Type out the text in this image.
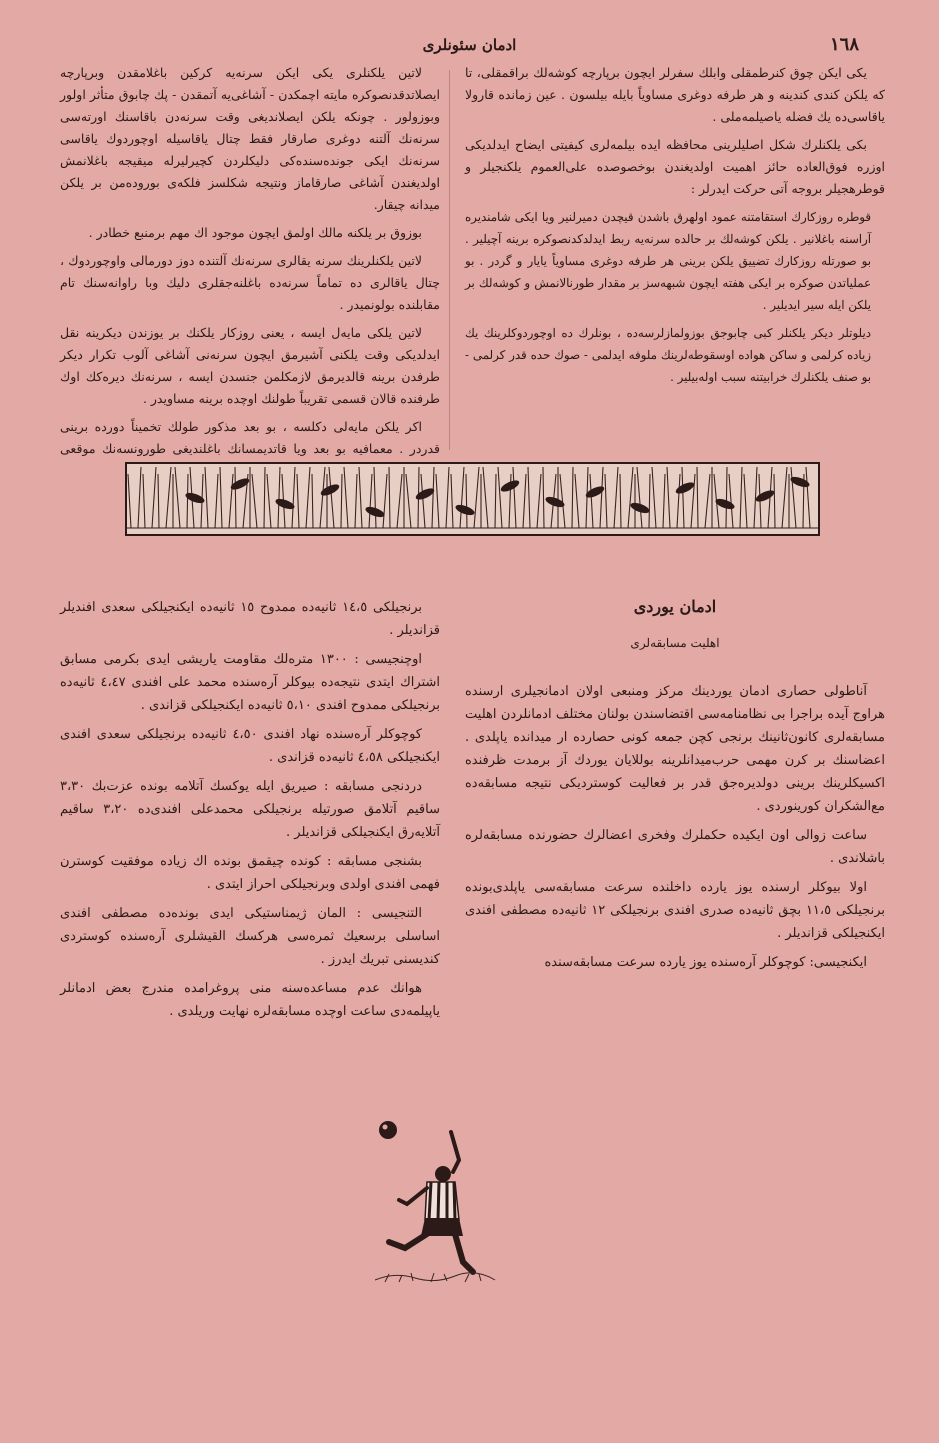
١٦٨
ادمان سئونلری

یکی ایکن چوق کنرطمقلی وابلك سفرلر ایچون برپارچه کوشه‌لك براقمقلی، تا که یلکن کندی کندینه و هر طرفه دوغری مساوياً بايله بیلسون . عین زمانده قارولا یاقاسی‌ده یك فضله یاصیلمه‌ملی .

بکی یلکنلرك شکل اصليلرینی محافظه ایده بیلمه‌لری کیفیتی ایضاح ایدلدیکی اوزره فوق‌العاده حائز اهمیت اولدیغندن بوخصوصده علی‌العموم یلکنجیلر و قوطرهجیلر بروجه آتی حرکت ایدرلر :

قوطره روزکارك استقامتنه عمود اولهرق باشدن قیچدن دمیرلنیر ویا ایکی شامندیره آراسنه باغلانیر . یلکن کوشه‌لك بر حالده سرنه‌یه ربط ایدلدکدنصوکره برینه آچیلیر . بو صورتله روزکارك تضییق یلکن برینی هر طرفه دوغری مساوياً یایار و گردر . بو عملیاتدن صوکره بر ایکی هفته ایچون شبهه‌سز بر مقدار طورنالانمش و کوشه‌لك بر یلکن ایله سیر ایدیلیر .

دیلوتلر دیکر یلکنلر کبی چابوجق بوزولمازلرسه‌ده ، بونلرك ده اوچوردو‌کلرینك یك زیاده کرلمی و ساکن هواده اوسقوطه‌لرینك ملوفه ایدلمی - صوك حده قدر کرلمی - بو صنف یلکنلرك خرابیتنه سبب اوله‌بیلیر .

لاتین یلکنلری یکی ایکن سرنه‌یه کرکین باغلامقدن وبرپارچه ایصلاتدقدنصوکره مایته اچمکدن - آشاغی‌یه آتمقدن - پك چابوق متأثر اولور وبوزولور . چونکه یلکن ایصلاندیغی وقت سرنه‌دن باقاسنك اورته‌سی سرنه‌نك آلتنه دوغری صارقار فقط چتال یاقاسیله اوچوردو‌ك یاقاسی سرنه‌نك ایکی جونده‌سنده‌کی دلیکلردن کچیرلیرله میقیجه باغلانمش اولدیغندن آشاغی صارقاماز ونتیجه شکلسز فلکه‌ی بوروده‌من بر یلکن میدانه چیقار.

بوزوق بر یلکنه مالك اولمق ایچون موجود اك مهم برمنبع خطادر .

لاتین یلکنلرینك سرنه یقالری سرنه‌نك آلتنده دوز دورمالی واوچوردو‌ك ، چتال یاقالری ده تماماً سرنه‌ده باغلنه‌جقلری دلیك وبا راوانه‌سنك تام مقابلنده بولونمیدر .

لاتین یلکی مایه‌ل ایسه ، یعنی روزکار یلکنك بر یوزندن دیکرینه نقل ایدلدیکی وقت یلکنی آشیرمق ایچون سرنه‌نی آشاغی آلوب تکرار دیکر طرفدن برینه قالدیرمق لازمکلمن جنسدن ایسه ، سرنه‌نك دیره‌کك اوك طرفنده قالان قسمی تقریباً طولنك اوچده برینه مساویدر .

اکر یلکن مایه‌لی دکلسه ، بو بعد مذکور طولك تخمیناً دورده برینی قدردر . معمافیه بو بعد ویا قاتدیمسانك باغلندیغی طورونسه‌نك موقعی

ادمان یوردی
اهليت مسابقه‌لری

آناطولی حصاری ادمان یوردینك مرکز ومنبعی اولان ادمانجیلری ارسنده هراوج آیده براجرا بی نظامنامه‌سی اقتضاسندن بولنان مختلف ادمانلردن اهليت مسابقه‌لری کانون‌ثانینك برنجی کچن جمعه کونی حصارده ار میدانده یاپلدی . اعضاسنك بر کرن مهمی حرب‌میدانلرینه بوللایان یوردك آز برمدت ظرفنده اکسیکلرینك برینی دولدیره‌جق قدر بر فعالیت کوستردیکی نتیجه مسابقه‌ده مع‌الشکران کورینوردی .

ساعت زوالی اون ایکیده حکملرك وفخری اعضالرك حضورنده مسابقه‌لره باشلاندی .

اولا بیوکلر ارسنده یوز یارده داخلنده سرعت مسابقه‌سی یاپلدی‌بونده برنجیلکی ١١،٥ بچق ثانیه‌ده صدری افندی برنجیلکی ١٢ ثانیه‌ده مصطفی افندی ایکنجیلکی قزاندیلر .

ایکنجیسی: کوچوکلر آره‌سنده یوز یارده سرعت مسابقه‌سنده

برنجیلکی ١٤،٥ ثانیه‌ده ممدوح ١٥ ثانیه‌ده ایکنجیلکی سعدی افندیلر قزاندیلر .

اوچنجیسی : ١٣٠٠ مترەلك مقاومت یاریشی ایدی بکرمی مسابق اشتراك ایتدی نتیجه‌ده بیوکلر آره‌سنده محمد علی افندی ٤،٤٧ ثانیه‌ده برنجیلکی ممدوح افندی ٥،١٠ ثانیه‌ده ایکنجیلکی قزاندی .

کوچوکلر آره‌سنده نهاد افندی ٤،٥٠ ثانیه‌ده برنجیلکی سعدی افندی ایکنجیلکی ٤،٥٨ ثانیه‌ده قزاندی .

دردنجی مسابقه : صیریق ایله یوکسك آتلامه بونده عزت‌بك ٣،٣٠ ساقیم آتلامق صورتیله برنجیلکی محمدعلی افندی‌ده ٣،٢٠ ساقیم آتلایه‌رق ایکنجیلکی قزاندیلر .

بشنجی مسابقه : کونده چیقمق بونده اك زیاده موفقیت کوسترن فهمی افندی اولدی وبرنجیلکی احراز ایتدی .

التنجیسی : المان ژیمناستیکی ایدی بونده‌ده مصطفی افندی اساسلی برسعیك ثمره‌سی هرکسك القیشلری آره‌سنده کوستردی کندیسنی تبریك ایدرز .

هوانك عدم مساعده‌سنه منی پروغرامده مندرج بعض ادمانلر یاپیلمه‌دی ساعت اوچده مسابقه‌لره نهایت وریلدی .
